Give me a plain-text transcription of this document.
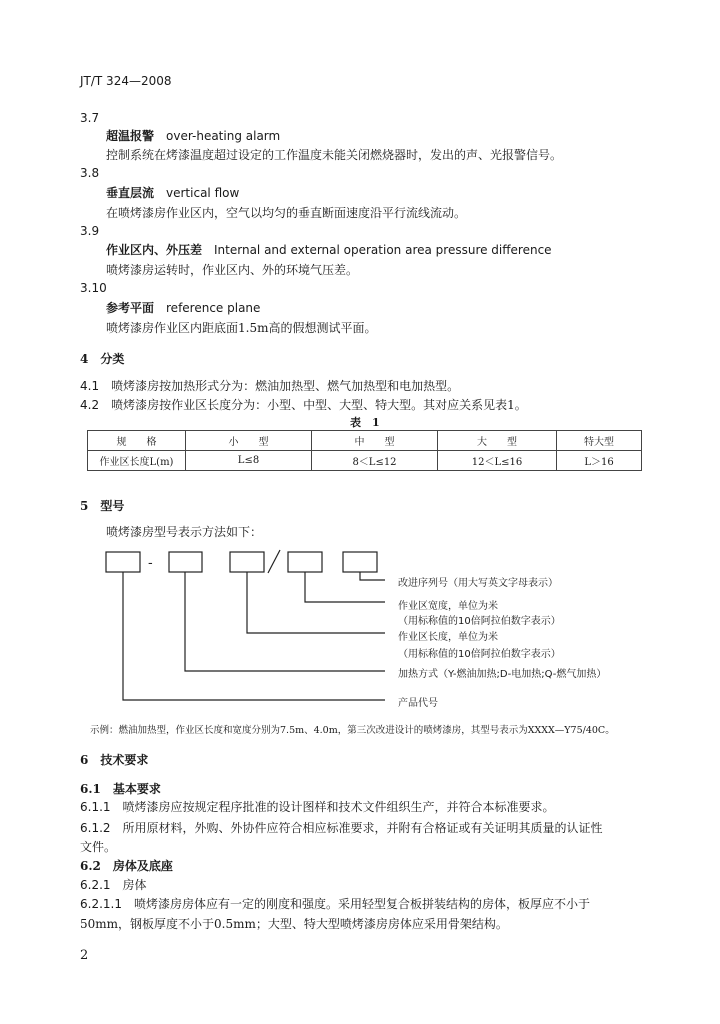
JT/T 324—2008
3.7
超温报警 over-heating alarm
控制系统在烤漆温度超过设定的工作温度未能关闭燃烧器时，发出的声、光报警信号。
3.8
垂直层流 vertical flow
在喷烤漆房作业区内，空气以均匀的垂直断面速度沿平行流线流动。
3.9
作业区内、外压差 Internal and external operation area pressure difference
喷烤漆房运转时，作业区内、外的环境气压差。
3.10
参考平面 reference plane
喷烤漆房作业区内距底面1.5m高的假想测试平面。
4 分类
4.1 喷烤漆房按加热形式分为：燃油加热型、燃气加热型和电加热型。
4.2 喷烤漆房按作业区长度分为：小型、中型、大型、特大型。其对应关系见表1。
表　1
规　　格	小　　型	中　　型	大　　型	特大型
作业区长度L(m)	L≤8	8＜L≤12	12＜L≤16	L＞16
5 型号
喷烤漆房型号表示方法如下：
-
改进序列号（用大写英文字母表示）
作业区宽度，单位为米
（用标称值的10倍阿拉伯数字表示）
作业区长度，单位为米
（用标称值的10倍阿拉伯数字表示）
加热方式（Y-燃油加热;D-电加热;Q-燃气加热）
产品代号
示例：燃油加热型，作业区长度和宽度分别为7.5m、4.0m，第三次改进设计的喷烤漆房，其型号表示为XXXX—Y75/40C。
6 技术要求
6.1 基本要求
6.1.1 喷烤漆房应按规定程序批准的设计图样和技术文件组织生产，并符合本标准要求。
6.1.2 所用原材料，外购、外协件应符合相应标准要求，并附有合格证或有关证明其质量的认证性
文件。
6.2 房体及底座
6.2.1 房体
6.2.1.1 喷烤漆房房体应有一定的刚度和强度。采用轻型复合板拼装结构的房体，板厚应不小于
50mm，钢板厚度不小于0.5mm；大型、特大型喷烤漆房房体应采用骨架结构。
2
